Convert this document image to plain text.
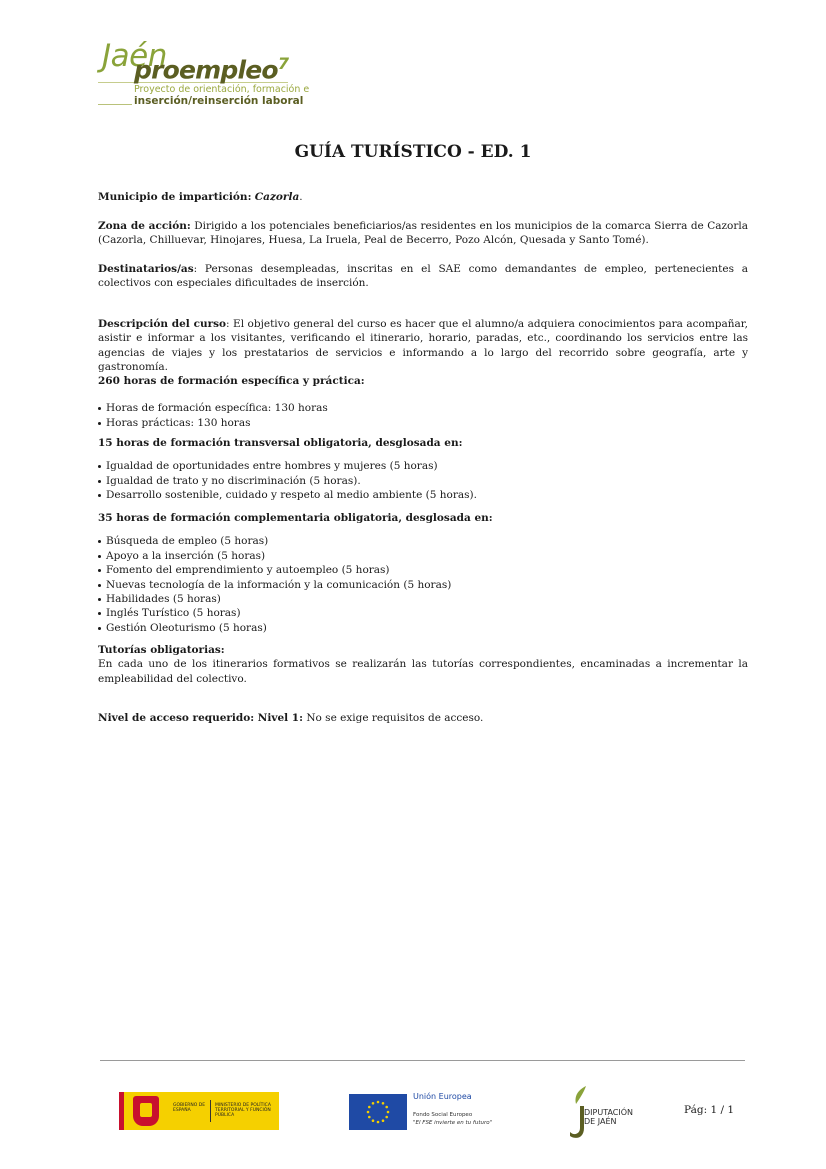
Jaén
proempleo$^7$
Proyecto de orientación, formación e
inserción/reinserción laboral
GUÍA TURÍSTICO - ED. 1

Municipio de impartición: Cazorla.

Zona de acción: Dirigido a los potenciales beneficiarios/as residentes en los municipios de la comarca Sierra de Cazorla (Cazorla, Chilluevar, Hinojares, Huesa, La Iruela, Peal de Becerro, Pozo Alcón, Quesada y Santo Tomé).

Destinatarios/as: Personas desempleadas, inscritas en el SAE como demandantes de empleo, pertenecientes a colectivos con especiales dificultades de inserción.

Descripción del curso: El objetivo general del curso es hacer que el alumno/a adquiera conocimientos para acompañar, asistir e informar a los visitantes, verificando el itinerario, horario, paradas, etc., coordinando los servicios entre las agencias de viajes y los prestatarios de servicios e informando a lo largo del recorrido sobre geografía, arte y gastronomía.

260 horas de formación específica y práctica:

Horas de formación específica: 130 horas
Horas prácticas: 130 horas

15 horas de formación transversal obligatoria, desglosada en:

Igualdad de oportunidades entre hombres y mujeres (5 horas)
Igualdad de trato y no discriminación (5 horas).
Desarrollo sostenible, cuidado y respeto al medio ambiente (5 horas).

35 horas de formación complementaria obligatoria, desglosada en:

Búsqueda de empleo (5 horas)
Apoyo a la inserción (5 horas)
Fomento del emprendimiento y autoempleo (5 horas)
Nuevas tecnología de la información y la comunicación (5 horas)
Habilidades (5 horas)
Inglés Turístico (5 horas)
Gestión Oleoturismo (5 horas)

Tutorías obligatorias:

En cada uno de los itinerarios formativos se realizarán las tutorías correspondientes, encaminadas a incrementar la empleabilidad del colectivo.

Nivel de acceso requerido: Nivel 1: No se exige requisitos de acceso.

GOBIERNO DE ESPAÑA
MINISTERIO DE POLÍTICA TERRITORIAL Y FUNCIÓN PÚBLICA
Unión Europea
Fondo Social Europeo
"El FSE invierte en tu futuro"
DIPUTACIÓN
DE JAÉN
Pág: 1 / 1
